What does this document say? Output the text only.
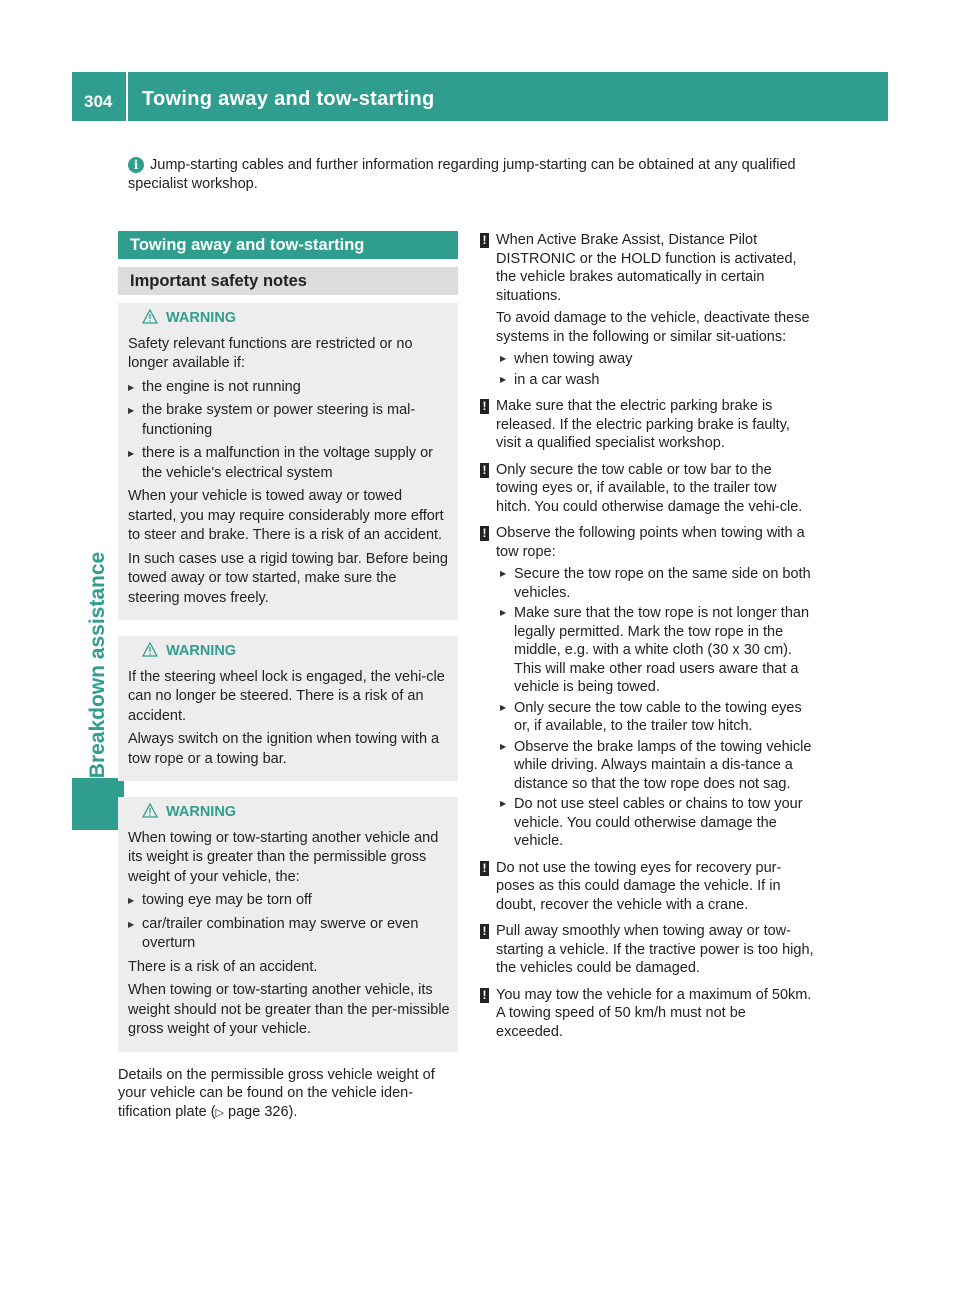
304 Towing away and tow-starting
Breakdown assistance
i Jump-starting cables and further information regarding jump-starting can be obtained at any qualified specialist workshop.
Towing away and tow-starting
Important safety notes
WARNING

Safety relevant functions are restricted or no longer available if:

▶ the engine is not running
▶ the brake system or power steering is mal-functioning
▶ there is a malfunction in the voltage supply or the vehicle's electrical system

When your vehicle is towed away or towed started, you may require considerably more effort to steer and brake. There is a risk of an accident.

In such cases use a rigid towing bar. Before being towed away or tow started, make sure the steering moves freely.

WARNING

If the steering wheel lock is engaged, the vehi-cle can no longer be steered. There is a risk of an accident.

Always switch on the ignition when towing with a tow rope or a towing bar.

WARNING

When towing or tow-starting another vehicle and its weight is greater than the permissible gross weight of your vehicle, the:

▶ towing eye may be torn off
▶ car/trailer combination may swerve or even overturn

There is a risk of an accident.

When towing or tow-starting another vehicle, its weight should not be greater than the per-missible gross weight of your vehicle.

Details on the permissible gross vehicle weight of your vehicle can be found on the vehicle iden-tification plate (▷ page 326).
! When Active Brake Assist, Distance Pilot DISTRONIC or the HOLD function is activated, the vehicle brakes automatically in certain situations.

To avoid damage to the vehicle, deactivate these systems in the following or similar sit-uations:

▶ when towing away
▶ in a car wash
! Make sure that the electric parking brake is released. If the electric parking brake is faulty, visit a qualified specialist workshop.

! Only secure the tow cable or tow bar to the towing eyes or, if available, to the trailer tow hitch. You could otherwise damage the vehi-cle.

! Observe the following points when towing with a tow rope:

▶ Secure the tow rope on the same side on both vehicles.
▶ Make sure that the tow rope is not longer than legally permitted. Mark the tow rope in the middle, e.g. with a white cloth (30 x 30 cm). This will make other road users aware that a vehicle is being towed.
▶ Only secure the tow cable to the towing eyes or, if available, to the trailer tow hitch.
▶ Observe the brake lamps of the towing vehicle while driving. Always maintain a dis-tance a distance so that the tow rope does not sag.
▶ Do not use steel cables or chains to tow your vehicle. You could otherwise damage the vehicle.
! Do not use the towing eyes for recovery pur-poses as this could damage the vehicle. If in doubt, recover the vehicle with a crane.

! Pull away smoothly when towing away or tow-starting a vehicle. If the tractive power is too high, the vehicles could be damaged.

! You may tow the vehicle for a maximum of 50km. A towing speed of 50 km/h must not be exceeded.
